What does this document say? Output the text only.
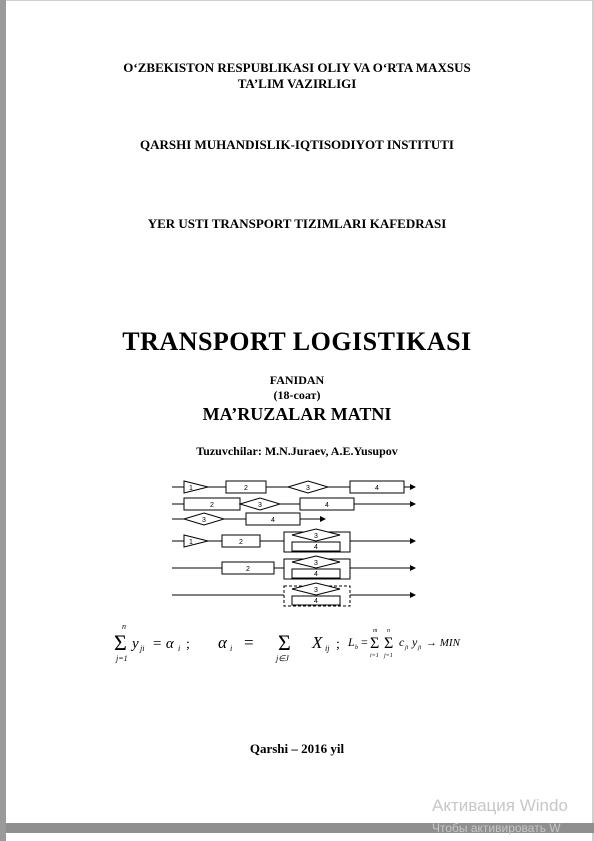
O‘ZBEKISTON RESPUBLIKASI OLIY VA O‘RTA MAXSUS
TA’LIM VAZIRLIGI
QARSHI MUHANDISLIK-IQTISODIYOT INSTITUTI
YER USTI TRANSPORT TIZIMLARI KAFEDRASI
TRANSPORT LOGISTIKASI
FANIDAN
(18-соат)
MA’RUZALAR MATNI
Tuzuvchilar: M.N.Juraev, A.E.Yusupov
1	2	3	4
2	3	4
3	4
1	2
3
4
2
3
4
3
4
n
Σ
j=1
y ji = α i ; α i = Σ
j∈J
X ij ; L b =
m
Σ
i=1
n
Σ
j=1
c ji y ji → MIN
Qarshi – 2016 yil
Активация Windo
Чтобы активировать W
